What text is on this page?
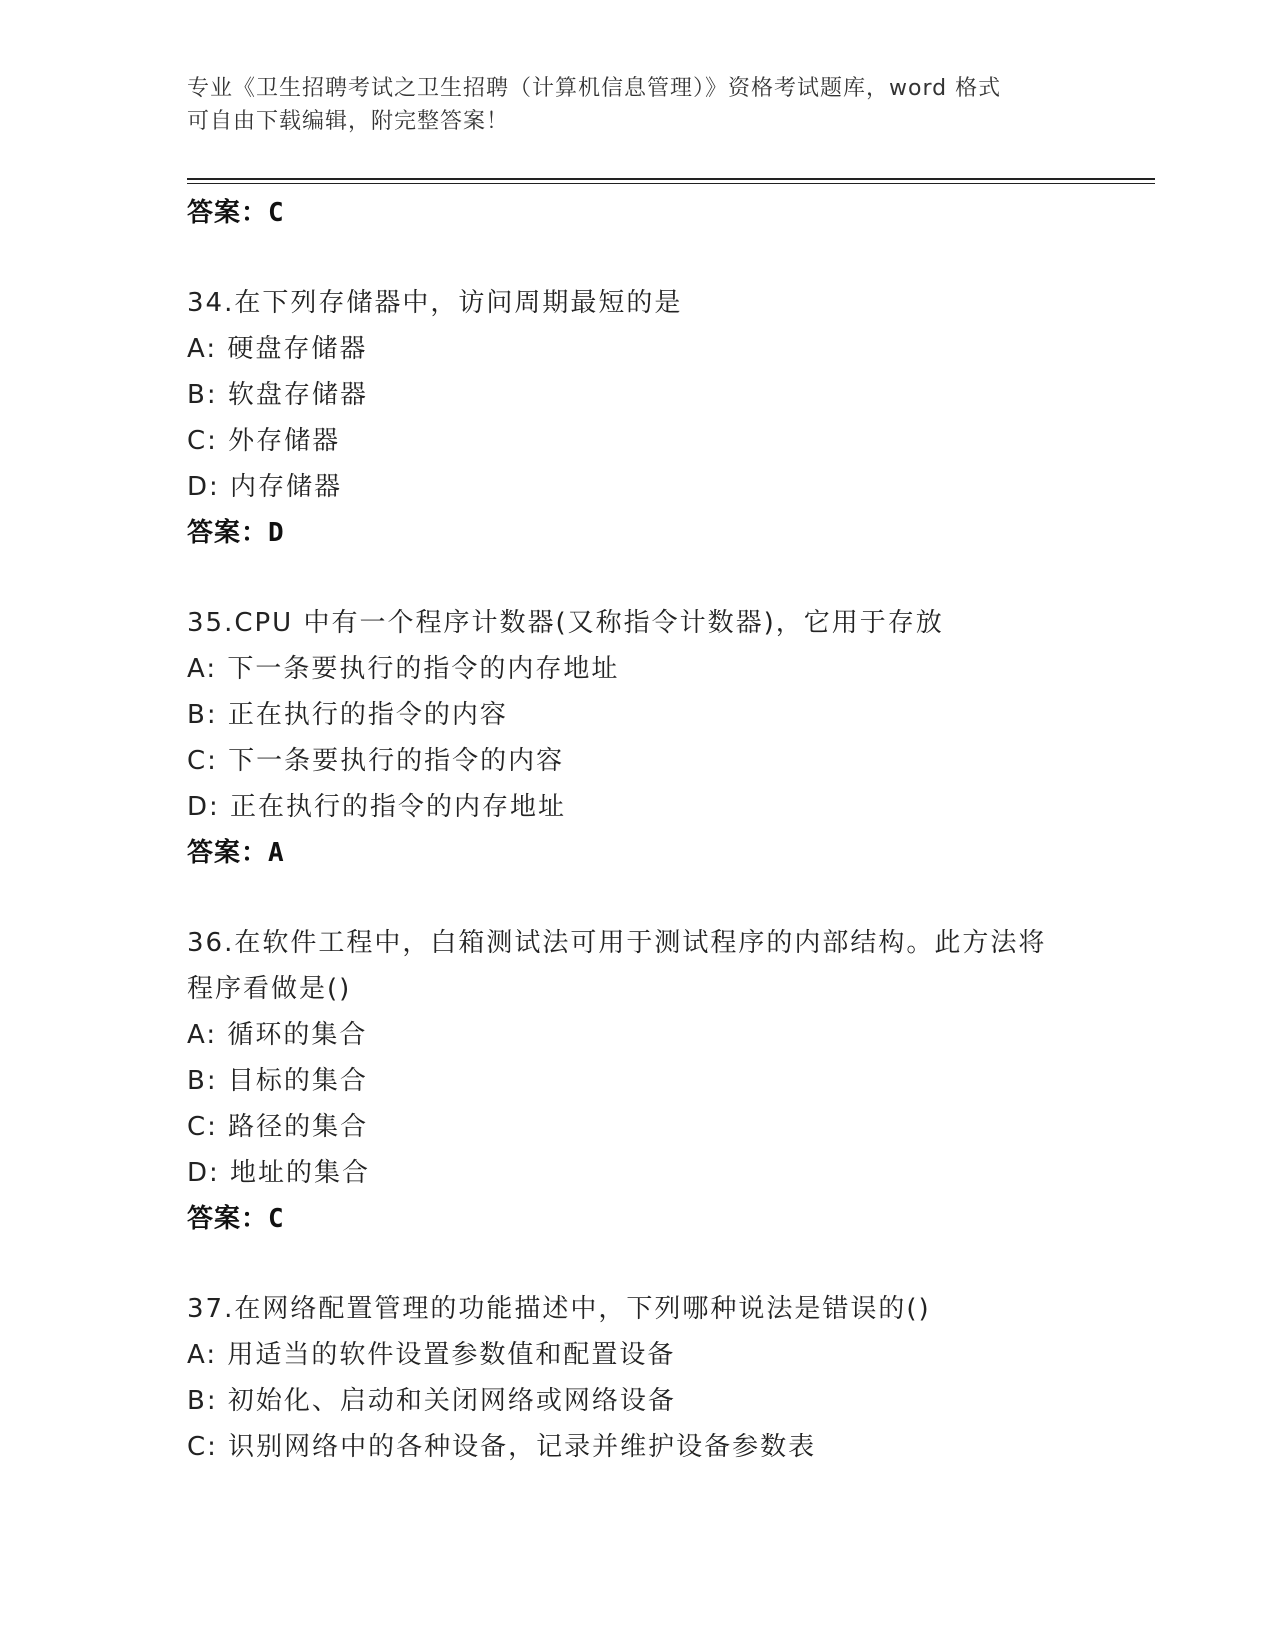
专业《卫生招聘考试之卫生招聘（计算机信息管理）》资格考试题库，word 格式
可自由下载编辑，附完整答案！
答案：C
34.在下列存储器中，访问周期最短的是
A: 硬盘存储器
B: 软盘存储器
C: 外存储器
D: 内存储器
答案：D
35.CPU 中有一个程序计数器(又称指令计数器)，它用于存放
A: 下一条要执行的指令的内存地址
B: 正在执行的指令的内容
C: 下一条要执行的指令的内容
D: 正在执行的指令的内存地址
答案：A
36.在软件工程中，白箱测试法可用于测试程序的内部结构。此方法将
程序看做是()
A: 循环的集合
B: 目标的集合
C: 路径的集合
D: 地址的集合
答案：C
37.在网络配置管理的功能描述中，下列哪种说法是错误的()
A: 用适当的软件设置参数值和配置设备
B: 初始化、启动和关闭网络或网络设备
C: 识别网络中的各种设备，记录并维护设备参数表
